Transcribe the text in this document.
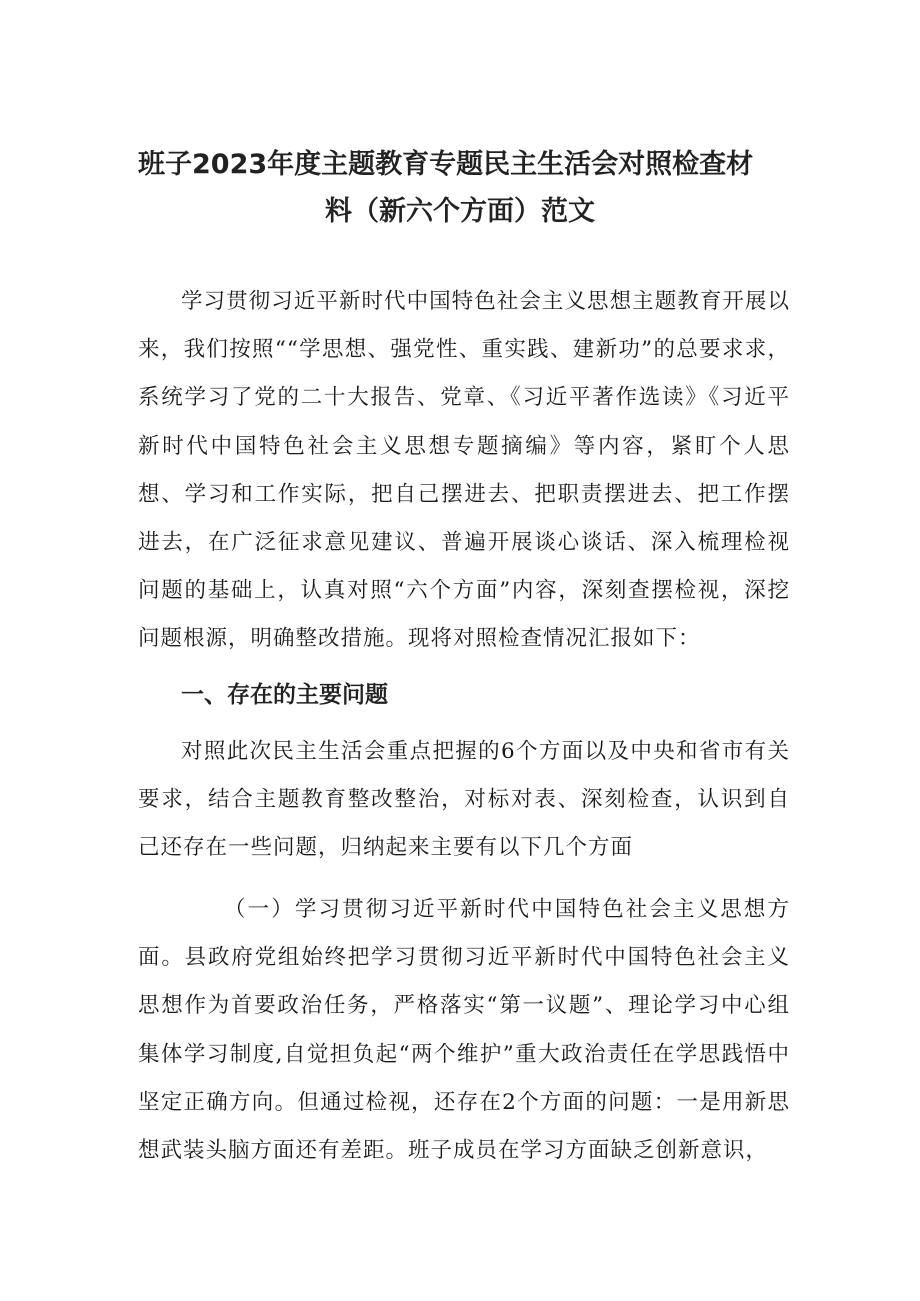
班子2023年度主题教育专题民主生活会对照检查材
料（新六个方面）范文

学习贯彻习近平新时代中国特色社会主义思想主题教育开展以来，我们按照““学思想、强党性、重实践、建新功”的总要求求，系统学习了党的二十大报告、党章、《习近平著作选读》《习近平新时代中国特色社会主义思想专题摘编》等内容，紧盯个人思想、学习和工作实际，把自己摆进去、把职责摆进去、把工作摆进去，在广泛征求意见建议、普遍开展谈心谈话、深入梳理检视问题的基础上，认真对照“六个方面”内容，深刻查摆检视，深挖问题根源，明确整改措施。现将对照检查情况汇报如下：

一、存在的主要问题

对照此次民主生活会重点把握的6个方面以及中央和省市有关要求，结合主题教育整改整治，对标对表、深刻检查，认识到自己还存在一些问题，归纳起来主要有以下几个方面

（一）学习贯彻习近平新时代中国特色社会主义思想方面。县政府党组始终把学习贯彻习近平新时代中国特色社会主义思想作为首要政治任务，严格落实“第一议题”、理论学习中心组集体学习制度,自觉担负起“两个维护”重大政治责任在学思践悟中坚定正确方向。但通过检视，还存在2个方面的问题：一是用新思想武装头脑方面还有差距。班子成员在学习方面缺乏创新意识，
